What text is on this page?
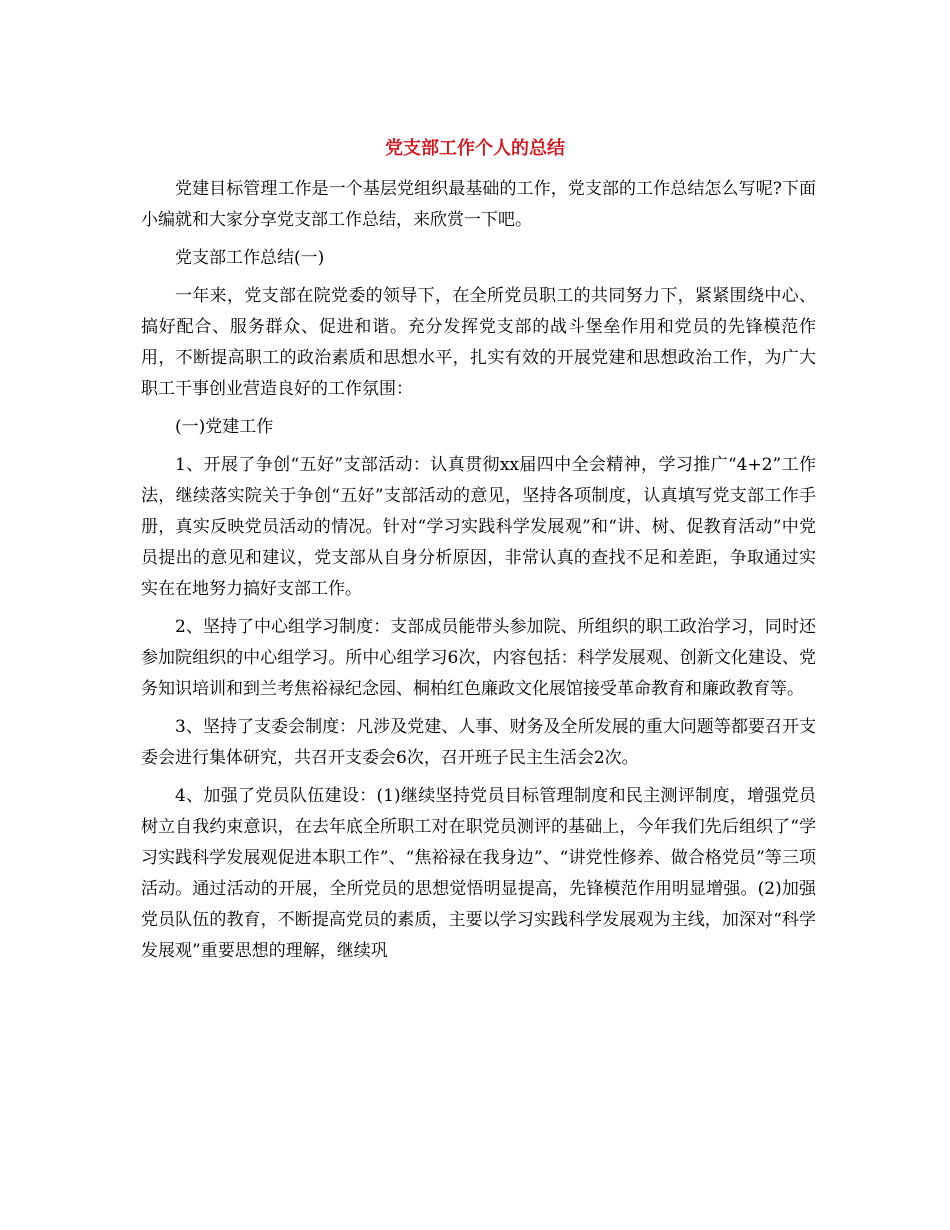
党支部工作个人的总结

党建目标管理工作是一个基层党组织最基础的工作，党支部的工作总结怎么写呢?下面小编就和大家分享党支部工作总结，来欣赏一下吧。

党支部工作总结(一)

一年来，党支部在院党委的领导下，在全所党员职工的共同努力下，紧紧围绕中心、搞好配合、服务群众、促进和谐。充分发挥党支部的战斗堡垒作用和党员的先锋模范作用，不断提高职工的政治素质和思想水平，扎实有效的开展党建和思想政治工作，为广大职工干事创业营造良好的工作氛围：

(一)党建工作

1、开展了争创“五好”支部活动：认真贯彻xx届四中全会精神，学习推广“4+2”工作法，继续落实院关于争创“五好”支部活动的意见，坚持各项制度，认真填写党支部工作手册，真实反映党员活动的情况。针对“学习实践科学发展观”和“讲、树、促教育活动”中党员提出的意见和建议，党支部从自身分析原因，非常认真的查找不足和差距，争取通过实实在在地努力搞好支部工作。

2、坚持了中心组学习制度：支部成员能带头参加院、所组织的职工政治学习，同时还参加院组织的中心组学习。所中心组学习6次，内容包括：科学发展观、创新文化建设、党务知识培训和到兰考焦裕禄纪念园、桐柏红色廉政文化展馆接受革命教育和廉政教育等。

3、坚持了支委会制度：凡涉及党建、人事、财务及全所发展的重大问题等都要召开支委会进行集体研究，共召开支委会6次，召开班子民主生活会2次。

4、加强了党员队伍建设：(1)继续坚持党员目标管理制度和民主测评制度，增强党员树立自我约束意识，在去年底全所职工对在职党员测评的基础上，今年我们先后组织了“学习实践科学发展观促进本职工作”、“焦裕禄在我身边”、“讲党性修养、做合格党员”等三项活动。通过活动的开展，全所党员的思想觉悟明显提高，先锋模范作用明显增强。(2)加强党员队伍的教育，不断提高党员的素质，主要以学习实践科学发展观为主线，加深对“科学发展观”重要思想的理解，继续巩
